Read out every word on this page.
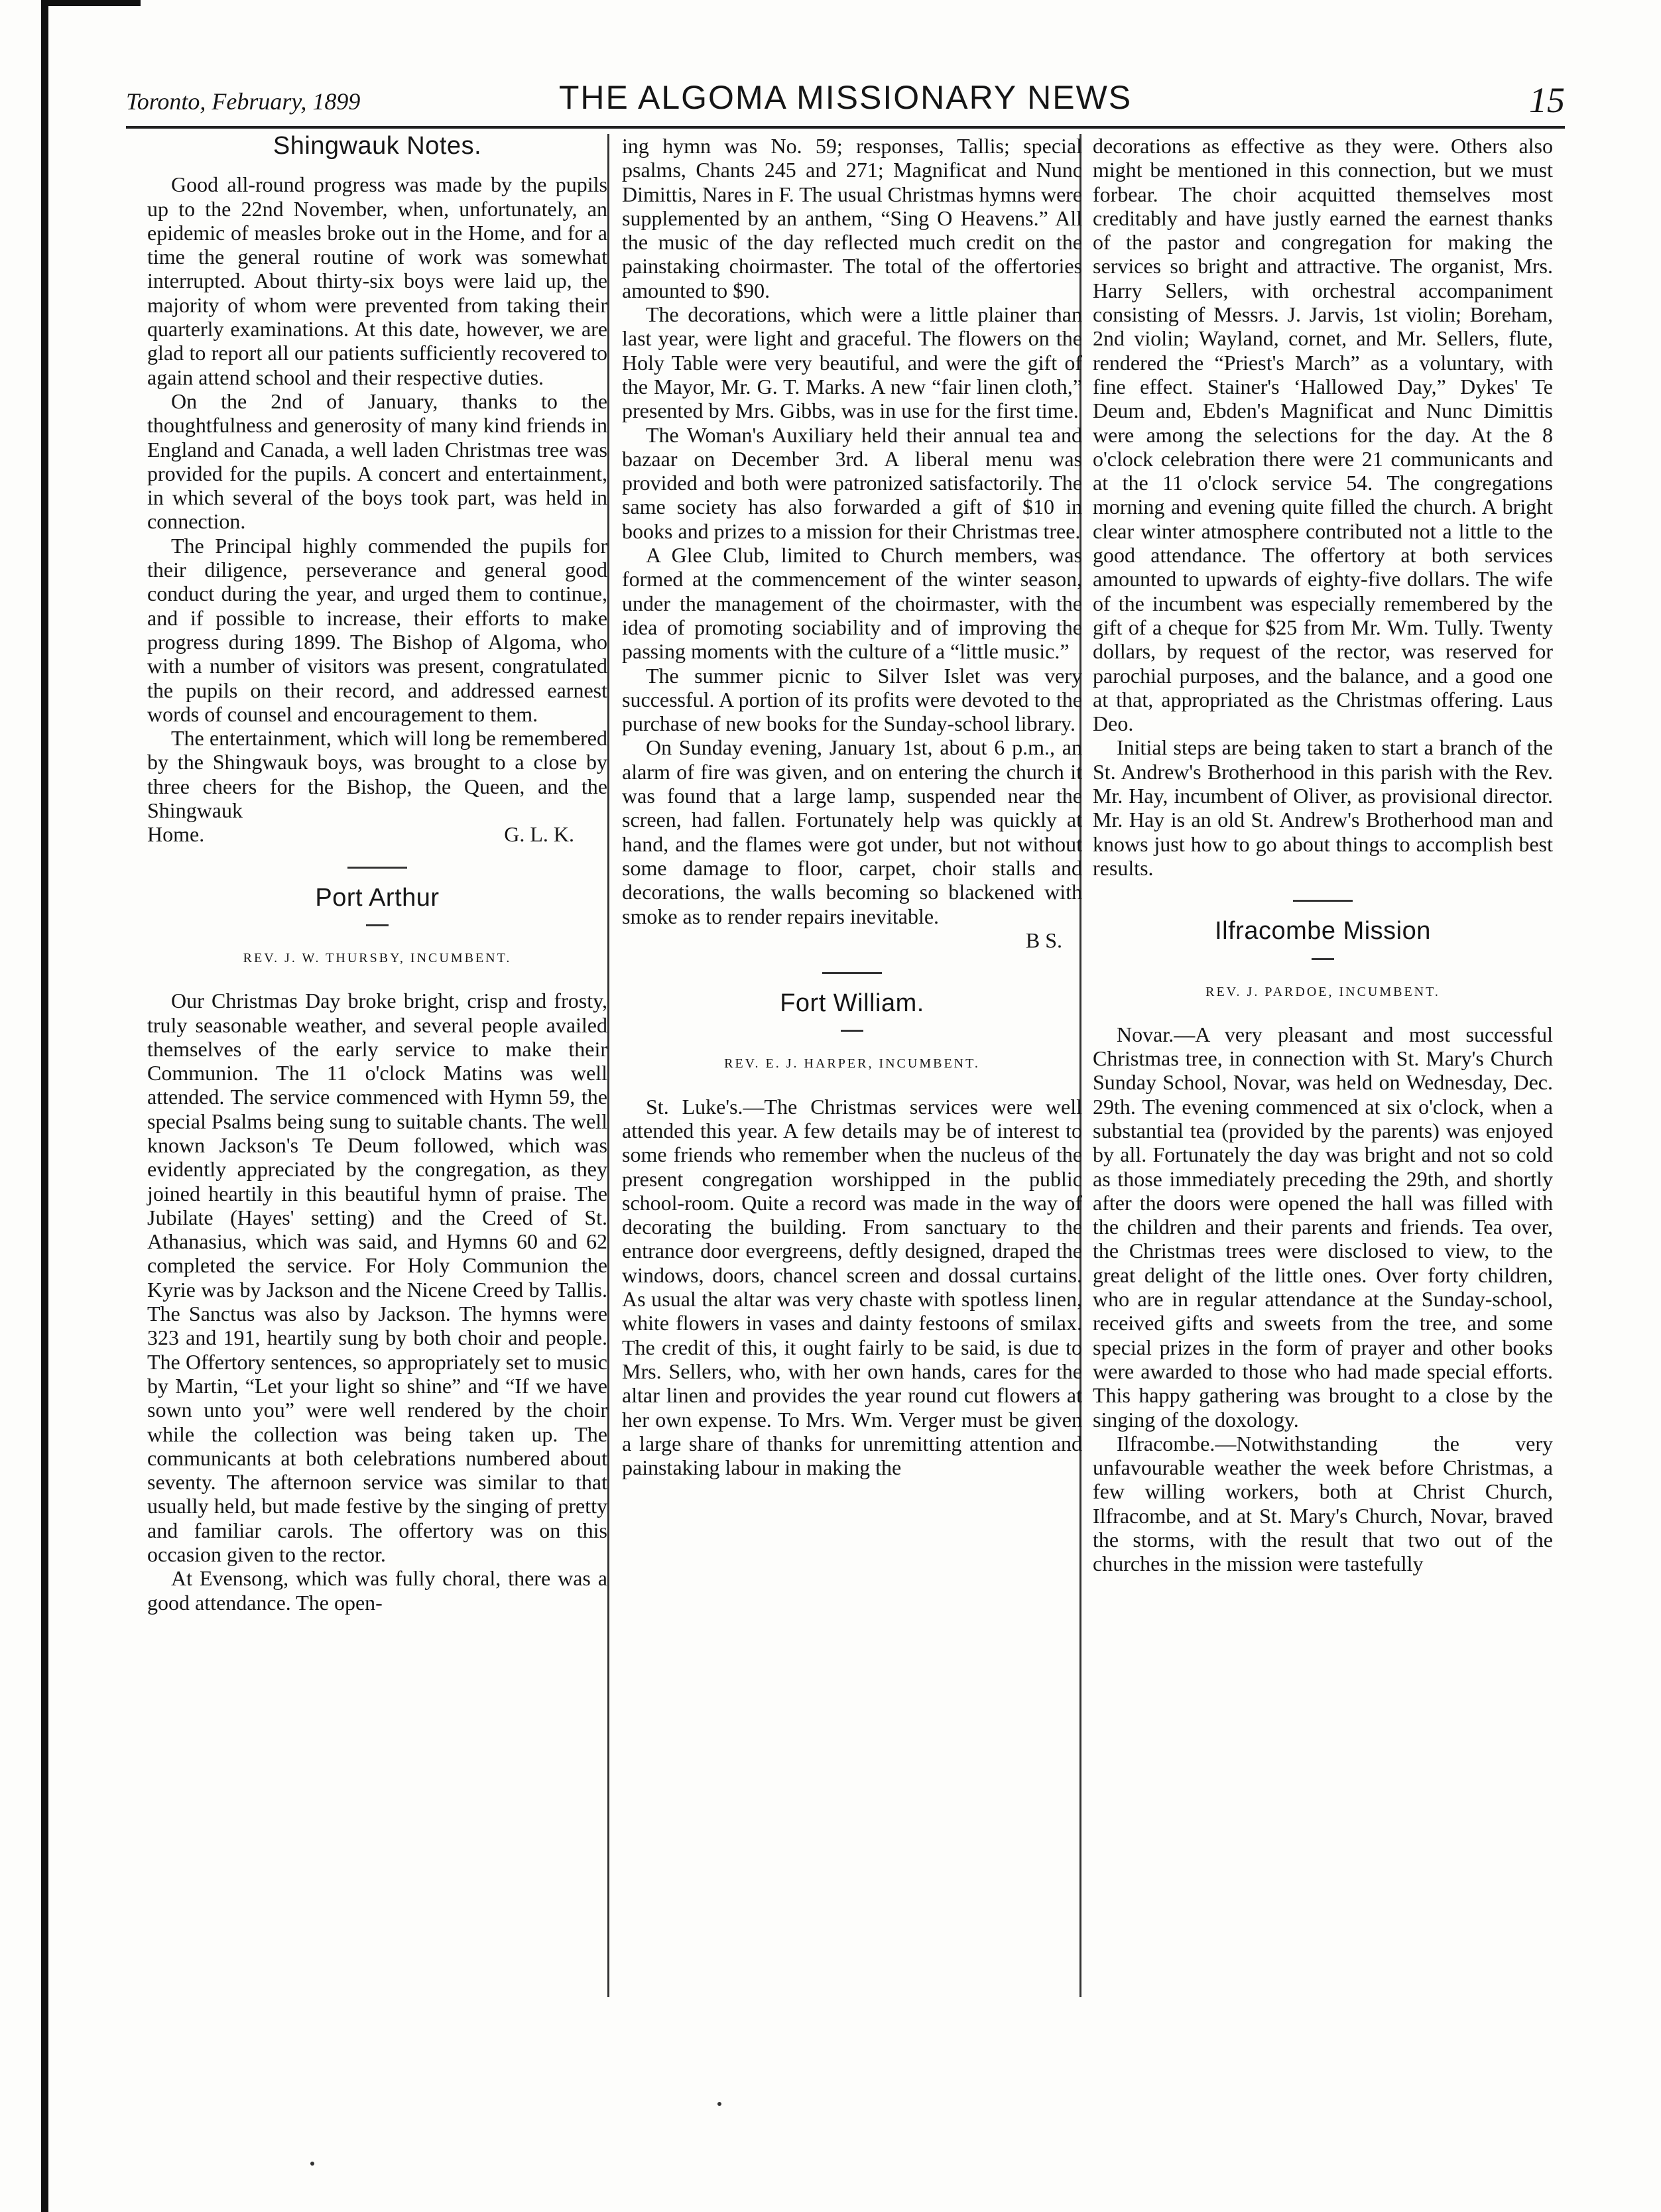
Toronto, February, 1899	THE ALGOMA MISSIONARY NEWS	15
Shingwauk Notes.

Good all-round progress was made by the pupils up to the 22nd November, when, unfortunately, an epidemic of measles broke out in the Home, and for a time the general routine of work was somewhat interrupted. About thirty-six boys were laid up, the majority of whom were prevented from taking their quarterly examinations. At this date, however, we are glad to report all our patients sufficiently recovered to again attend school and their respective duties.

On the 2nd of January, thanks to the thoughtfulness and generosity of many kind friends in England and Canada, a well laden Christmas tree was provided for the pupils. A concert and entertainment, in which several of the boys took part, was held in connection.

The Principal highly commended the pupils for their diligence, perseverance and general good conduct during the year, and urged them to continue, and if possible to increase, their efforts to make progress during 1899. The Bishop of Algoma, who with a number of visitors was present, congratulated the pupils on their record, and addressed earnest words of counsel and encouragement to them.

The entertainment, which will long be remembered by the Shingwauk boys, was brought to a close by three cheers for the Bishop, the Queen, and the Shingwauk

Home.	G. L. K.
Port Arthur
REV. J. W. THURSBY, INCUMBENT.

Our Christmas Day broke bright, crisp and frosty, truly seasonable weather, and several people availed themselves of the early service to make their Communion. The 11 o'clock Matins was well attended. The service commenced with Hymn 59, the special Psalms being sung to suitable chants. The well known Jackson's Te Deum followed, which was evidently appreciated by the congregation, as they joined heartily in this beautiful hymn of praise. The Jubilate (Hayes' setting) and the Creed of St. Athanasius, which was said, and Hymns 60 and 62 completed the service. For Holy Communion the Kyrie was by Jackson and the Nicene Creed by Tallis. The Sanctus was also by Jackson. The hymns were 323 and 191, heartily sung by both choir and people. The Offertory sentences, so appropriately set to music by Martin, “Let your light so shine” and “If we have sown unto you” were well rendered by the choir while the collection was being taken up. The communicants at both celebrations numbered about seventy. The afternoon service was similar to that usually held, but made festive by the singing of pretty and familiar carols. The offertory was on this occasion given to the rector.

At Evensong, which was fully choral, there was a good attendance. The open-

ing hymn was No. 59; responses, Tallis; special psalms, Chants 245 and 271; Magnificat and Nunc Dimittis, Nares in F. The usual Christmas hymns were supplemented by an anthem, “Sing O Heavens.” All the music of the day reflected much credit on the painstaking choirmaster. The total of the offertories amounted to $90.

The decorations, which were a little plainer than last year, were light and graceful. The flowers on the Holy Table were very beautiful, and were the gift of the Mayor, Mr. G. T. Marks. A new “fair linen cloth,” presented by Mrs. Gibbs, was in use for the first time.

The Woman's Auxiliary held their annual tea and bazaar on December 3rd. A liberal menu was provided and both were patronized satisfactorily. The same society has also forwarded a gift of $10 in books and prizes to a mission for their Christmas tree.

A Glee Club, limited to Church members, was formed at the commencement of the winter season, under the management of the choirmaster, with the idea of promoting sociability and of improving the passing moments with the culture of a “little music.”

The summer picnic to Silver Islet was very successful. A portion of its profits were devoted to the purchase of new books for the Sunday-school library.

On Sunday evening, January 1st, about 6 p.m., an alarm of fire was given, and on entering the church it was found that a large lamp, suspended near the screen, had fallen. Fortunately help was quickly at hand, and the flames were got under, but not without some damage to floor, carpet, choir stalls and decorations, the walls becoming so blackened with smoke as to render repairs inevitable.

B S.

Fort William.
REV. E. J. HARPER, INCUMBENT.

St. Luke's.—The Christmas services were well attended this year. A few details may be of interest to some friends who remember when the nucleus of the present congregation worshipped in the public school-room. Quite a record was made in the way of decorating the building. From sanctuary to the entrance door evergreens, deftly designed, draped the windows, doors, chancel screen and dossal curtains. As usual the altar was very chaste with spotless linen, white flowers in vases and dainty festoons of smilax. The credit of this, it ought fairly to be said, is due to Mrs. Sellers, who, with her own hands, cares for the altar linen and provides the year round cut flowers at her own expense. To Mrs. Wm. Verger must be given a large share of thanks for unremitting attention and painstaking labour in making the

decorations as effective as they were. Others also might be mentioned in this connection, but we must forbear. The choir acquitted themselves most creditably and have justly earned the earnest thanks of the pastor and congregation for making the services so bright and attractive. The organist, Mrs. Harry Sellers, with orchestral accompaniment consisting of Messrs. J. Jarvis, 1st violin; Boreham, 2nd violin; Wayland, cornet, and Mr. Sellers, flute, rendered the “Priest's March” as a voluntary, with fine effect. Stainer's ‘Hallowed Day,” Dykes' Te Deum and, Ebden's Magnificat and Nunc Dimittis were among the selections for the day. At the 8 o'clock celebration there were 21 communicants and at the 11 o'clock service 54. The congregations morning and evening quite filled the church. A bright clear winter atmosphere contributed not a little to the good attendance. The offertory at both services amounted to upwards of eighty-five dollars. The wife of the incumbent was especially remembered by the gift of a cheque for $25 from Mr. Wm. Tully. Twenty dollars, by request of the rector, was reserved for parochial purposes, and the balance, and a good one at that, appropriated as the Christmas offering. Laus Deo.

Initial steps are being taken to start a branch of the St. Andrew's Brotherhood in this parish with the Rev. Mr. Hay, incumbent of Oliver, as provisional director. Mr. Hay is an old St. Andrew's Brotherhood man and knows just how to go about things to accomplish best results.

Ilfracombe Mission
REV. J. PARDOE, INCUMBENT.

Novar.—A very pleasant and most successful Christmas tree, in connection with St. Mary's Church Sunday School, Novar, was held on Wednesday, Dec. 29th. The evening commenced at six o'clock, when a substantial tea (provided by the parents) was enjoyed by all. Fortunately the day was bright and not so cold as those immediately preceding the 29th, and shortly after the doors were opened the hall was filled with the children and their parents and friends. Tea over, the Christmas trees were disclosed to view, to the great delight of the little ones. Over forty children, who are in regular attendance at the Sunday-school, received gifts and sweets from the tree, and some special prizes in the form of prayer and other books were awarded to those who had made special efforts. This happy gathering was brought to a close by the singing of the doxology.

Ilfracombe.—Notwithstanding the very unfavourable weather the week before Christmas, a few willing workers, both at Christ Church, Ilfracombe, and at St. Mary's Church, Novar, braved the storms, with the result that two out of the churches in the mission were tastefully
